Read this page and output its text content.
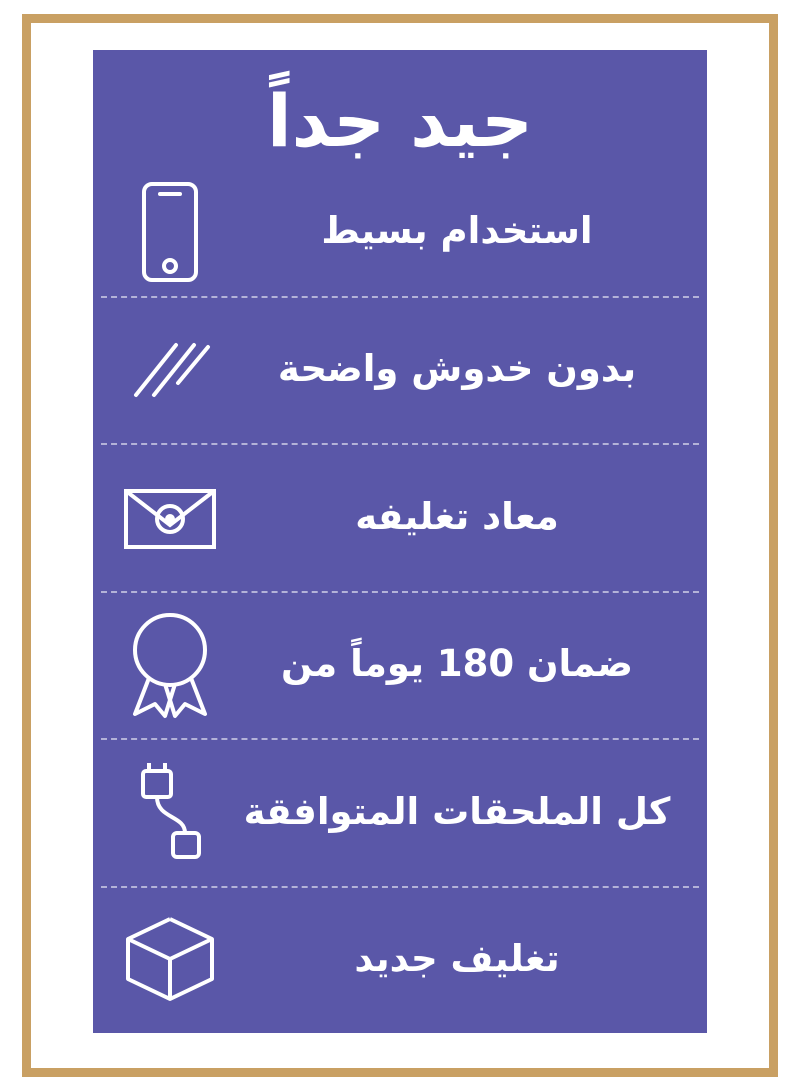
جيد جداً
استخدام بسيط
بدون خدوش واضحة
معاد تغليفه
ضمان 180 يوماً من
كل الملحقات المتوافقة
تغليف جديد
